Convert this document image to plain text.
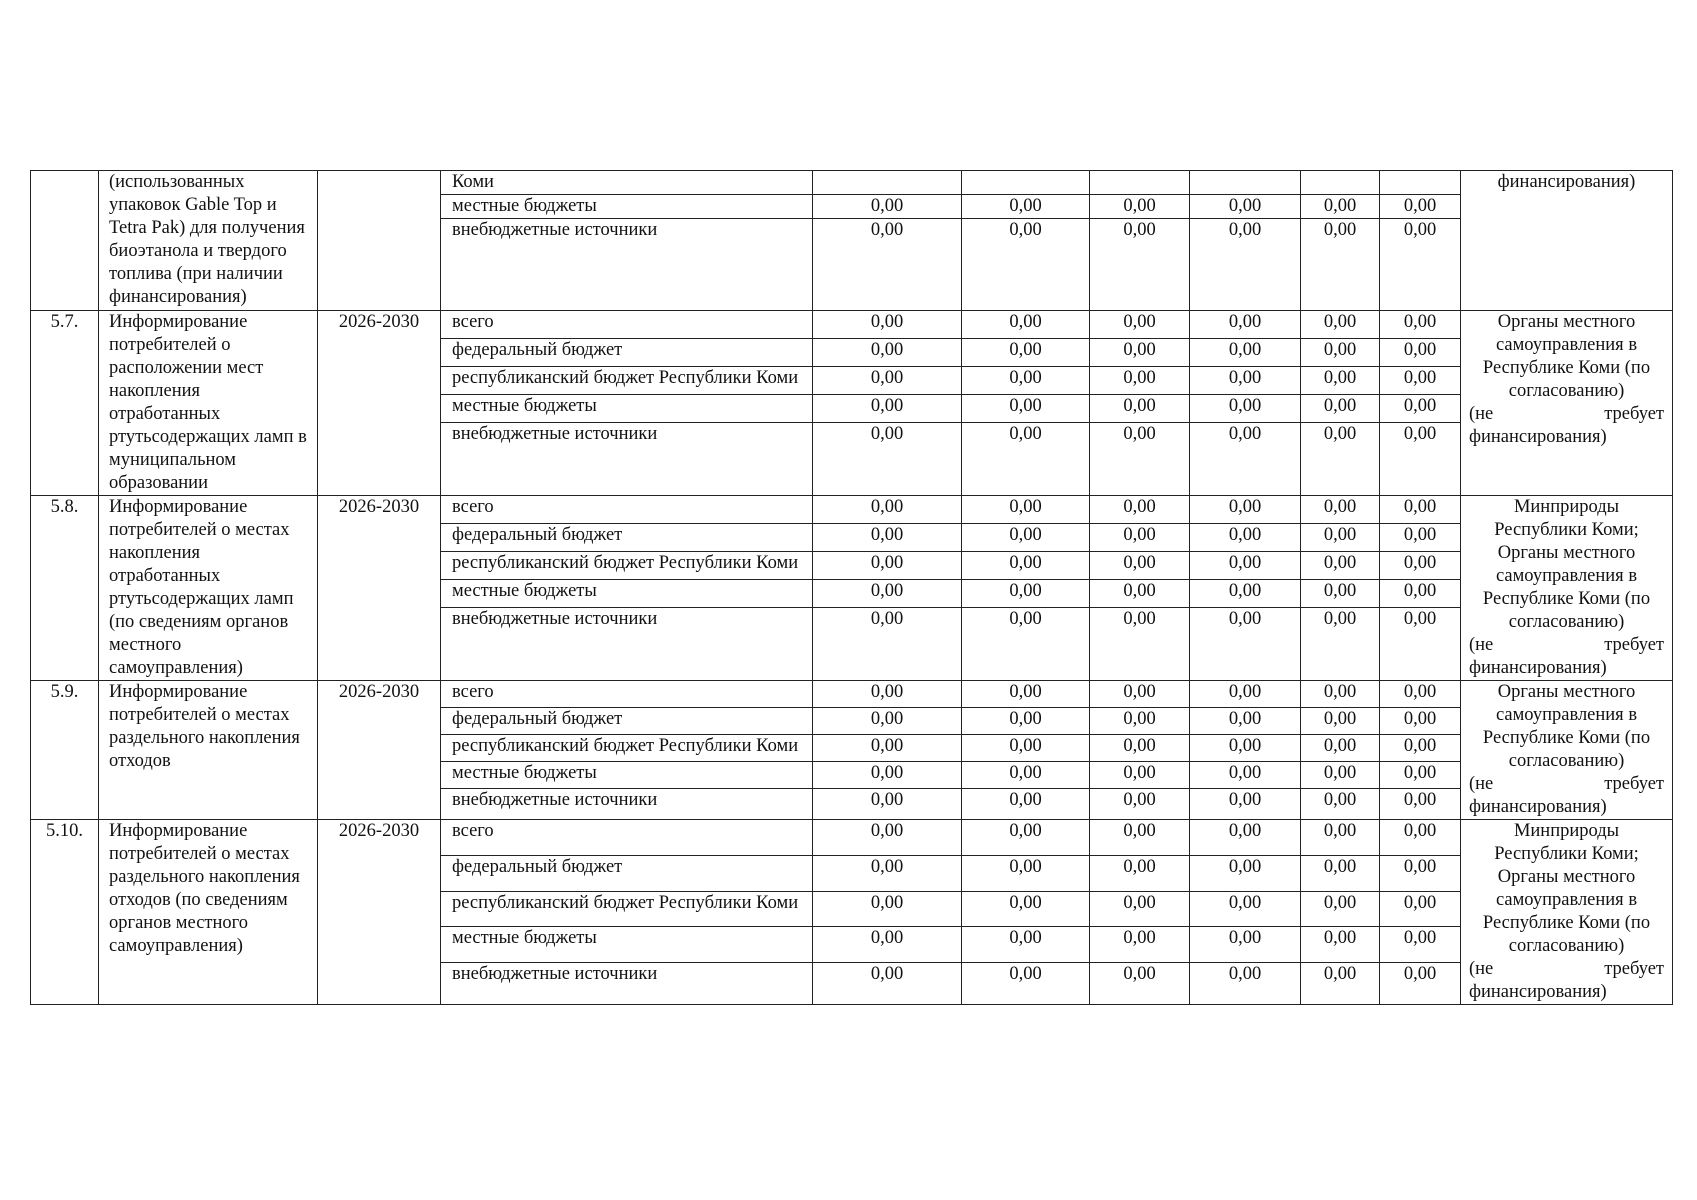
	(использованных упаковок Gable Top и Tetra Pak) для получения биоэтанола и твердого топлива (при наличии финансирования)		Коми							финансирования)
			местные бюджеты	0,00	0,00	0,00	0,00	0,00	0,00	
			внебюджетные источники	0,00	0,00	0,00	0,00	0,00	0,00	
5.7.	Информирование потребителей о расположении мест накопления отработанных ртутьсодержащих ламп в муниципальном образовании	2026-2030	всего	0,00	0,00	0,00	0,00	0,00	0,00	Органы местного самоуправления в Республике Коми (по согласованию)
(не требует
финансирования)

			федеральный бюджет	0,00	0,00	0,00	0,00	0,00	0,00	
			республиканский бюджет Республики Коми	0,00	0,00	0,00	0,00	0,00	0,00	
			местные бюджеты	0,00	0,00	0,00	0,00	0,00	0,00	
			внебюджетные источники	0,00	0,00	0,00	0,00	0,00	0,00	
5.8.	Информирование потребителей о местах накопления отработанных ртутьсодержащих ламп (по сведениям органов местного самоуправления)	2026-2030	всего	0,00	0,00	0,00	0,00	0,00	0,00	Минприроды Республики Коми; Органы местного самоуправления в Республике Коми (по согласованию)
(не требует
финансирования)

			федеральный бюджет	0,00	0,00	0,00	0,00	0,00	0,00	
			республиканский бюджет Республики Коми	0,00	0,00	0,00	0,00	0,00	0,00	
			местные бюджеты	0,00	0,00	0,00	0,00	0,00	0,00	
			внебюджетные источники	0,00	0,00	0,00	0,00	0,00	0,00	
5.9.	Информирование потребителей о местах раздельного накопления отходов	2026-2030	всего	0,00	0,00	0,00	0,00	0,00	0,00	Органы местного самоуправления в Республике Коми (по согласованию)
(не требует
финансирования)

			федеральный бюджет	0,00	0,00	0,00	0,00	0,00	0,00	
			республиканский бюджет Республики Коми	0,00	0,00	0,00	0,00	0,00	0,00	
			местные бюджеты	0,00	0,00	0,00	0,00	0,00	0,00	
			внебюджетные источники	0,00	0,00	0,00	0,00	0,00	0,00	
5.10.	Информирование потребителей о местах раздельного накопления отходов (по сведениям органов местного самоуправления)	2026-2030	всего	0,00	0,00	0,00	0,00	0,00	0,00	Минприроды Республики Коми; Органы местного самоуправления в Республике Коми (по согласованию)
(не требует
финансирования)

			федеральный бюджет	0,00	0,00	0,00	0,00	0,00	0,00	
			республиканский бюджет Республики Коми	0,00	0,00	0,00	0,00	0,00	0,00	
			местные бюджеты	0,00	0,00	0,00	0,00	0,00	0,00	
			внебюджетные источники	0,00	0,00	0,00	0,00	0,00	0,00	
